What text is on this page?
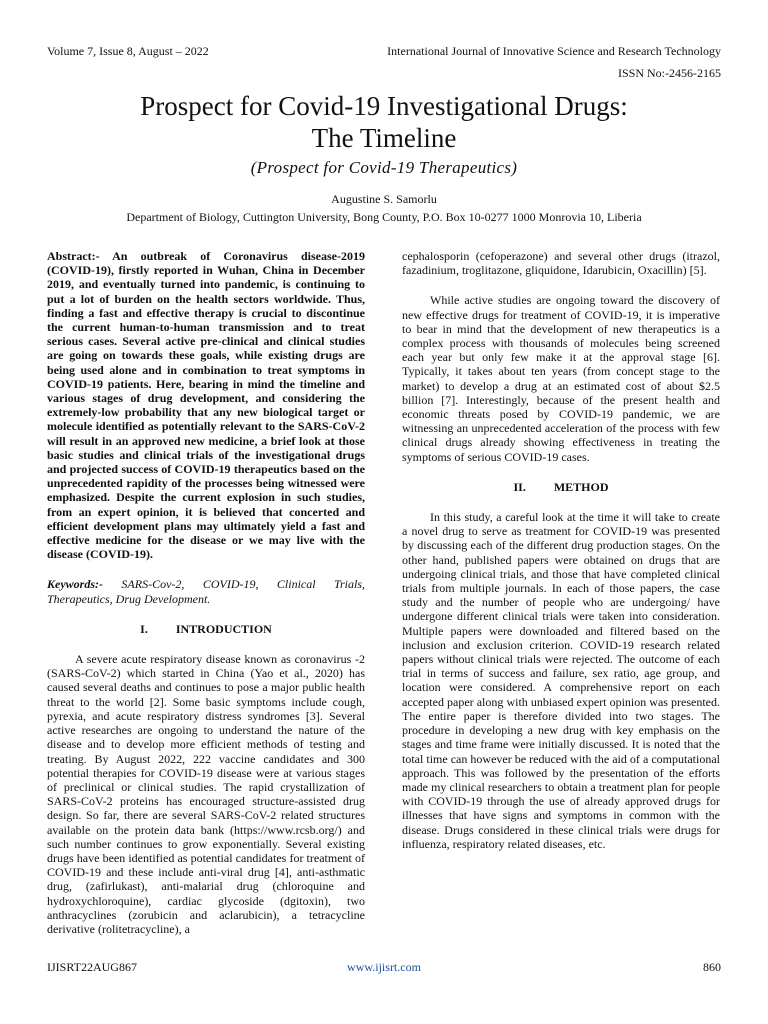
Volume 7, Issue 8, August – 2022	International Journal of Innovative Science and Research Technology
ISSN No:-2456-2165
Prospect for Covid-19 Investigational Drugs:
The Timeline
(Prospect for Covid-19 Therapeutics)
Augustine S. Samorlu
Department of Biology, Cuttington University, Bong County, P.O. Box 10-0277 1000 Monrovia 10, Liberia

Abstract:- An outbreak of Coronavirus disease-2019 (COVID-19), firstly reported in Wuhan, China in December 2019, and eventually turned into pandemic, is continuing to put a lot of burden on the health sectors worldwide. Thus, finding a fast and effective therapy is crucial to discontinue the current human-to-human transmission and to treat serious cases. Several active pre-clinical and clinical studies are going on towards these goals, while existing drugs are being used alone and in combination to treat symptoms in COVID-19 patients. Here, bearing in mind the timeline and various stages of drug development, and considering the extremely-low probability that any new biological target or molecule identified as potentially relevant to the SARS-CoV-2 will result in an approved new medicine, a brief look at those basic studies and clinical trials of the investigational drugs and projected success of COVID-19 therapeutics based on the unprecedented rapidity of the processes being witnessed were emphasized. Despite the current explosion in such studies, from an expert opinion, it is believed that concerted and efficient development plans may ultimately yield a fast and effective medicine for the disease or we may live with the disease (COVID-19).

Keywords:- SARS-Cov-2, COVID-19, Clinical Trials, Therapeutics, Drug Development.

I. INTRODUCTION

A severe acute respiratory disease known as coronavirus -2 (SARS-CoV-2) which started in China (Yao et al., 2020) has caused several deaths and continues to pose a major public health threat to the world [2]. Some basic symptoms include cough, pyrexia, and acute respiratory distress syndromes [3]. Several active researches are ongoing to understand the nature of the disease and to develop more efficient methods of testing and treating. By August 2022, 222 vaccine candidates and 300 potential therapies for COVID-19 disease were at various stages of preclinical or clinical studies. The rapid crystallization of SARS-CoV-2 proteins has encouraged structure-assisted drug design. So far, there are several SARS-CoV-2 related structures available on the protein data bank (https://www.rcsb.org/) and such number continues to grow exponentially. Several existing drugs have been identified as potential candidates for treatment of COVID-19 and these include anti-viral drug [4], anti-asthmatic drug, (zafirlukast), anti-malarial drug (chloroquine and hydroxychloroquine), cardiac glycoside (dgitoxin), two anthracyclines (zorubicin and aclarubicin), a tetracycline derivative (rolitetracycline), a

cephalosporin (cefoperazone) and several other drugs (itrazol, fazadinium, troglitazone, gliquidone, Idarubicin, Oxacillin) [5].

While active studies are ongoing toward the discovery of new effective drugs for treatment of COVID-19, it is imperative to bear in mind that the development of new therapeutics is a complex process with thousands of molecules being screened each year but only few make it at the approval stage [6]. Typically, it takes about ten years (from concept stage to the market) to develop a drug at an estimated cost of about $2.5 billion [7]. Interestingly, because of the present health and economic threats posed by COVID-19 pandemic, we are witnessing an unprecedented acceleration of the process with few clinical drugs already showing effectiveness in treating the symptoms of serious COVID-19 cases.

II. METHOD

In this study, a careful look at the time it will take to create a novel drug to serve as treatment for COVID-19 was presented by discussing each of the different drug production stages. On the other hand, published papers were obtained on drugs that are undergoing clinical trials, and those that have completed clinical trials from multiple journals. In each of those papers, the case study and the number of people who are undergoing/ have undergone different clinical trials were taken into consideration. Multiple papers were downloaded and filtered based on the inclusion and exclusion criterion. COVID-19 research related papers without clinical trials were rejected. The outcome of each trial in terms of success and failure, sex ratio, age group, and location were considered. A comprehensive report on each accepted paper along with unbiased expert opinion was presented. The entire paper is therefore divided into two stages. The procedure in developing a new drug with key emphasis on the stages and time frame were initially discussed. It is noted that the total time can however be reduced with the aid of a computational approach. This was followed by the presentation of the efforts made my clinical researchers to obtain a treatment plan for people with COVID-19 through the use of already approved drugs for illnesses that have signs and symptoms in common with the disease. Drugs considered in these clinical trials were drugs for influenza, respiratory related diseases, etc.

IJISRT22AUG867	www.ijisrt.com	860
